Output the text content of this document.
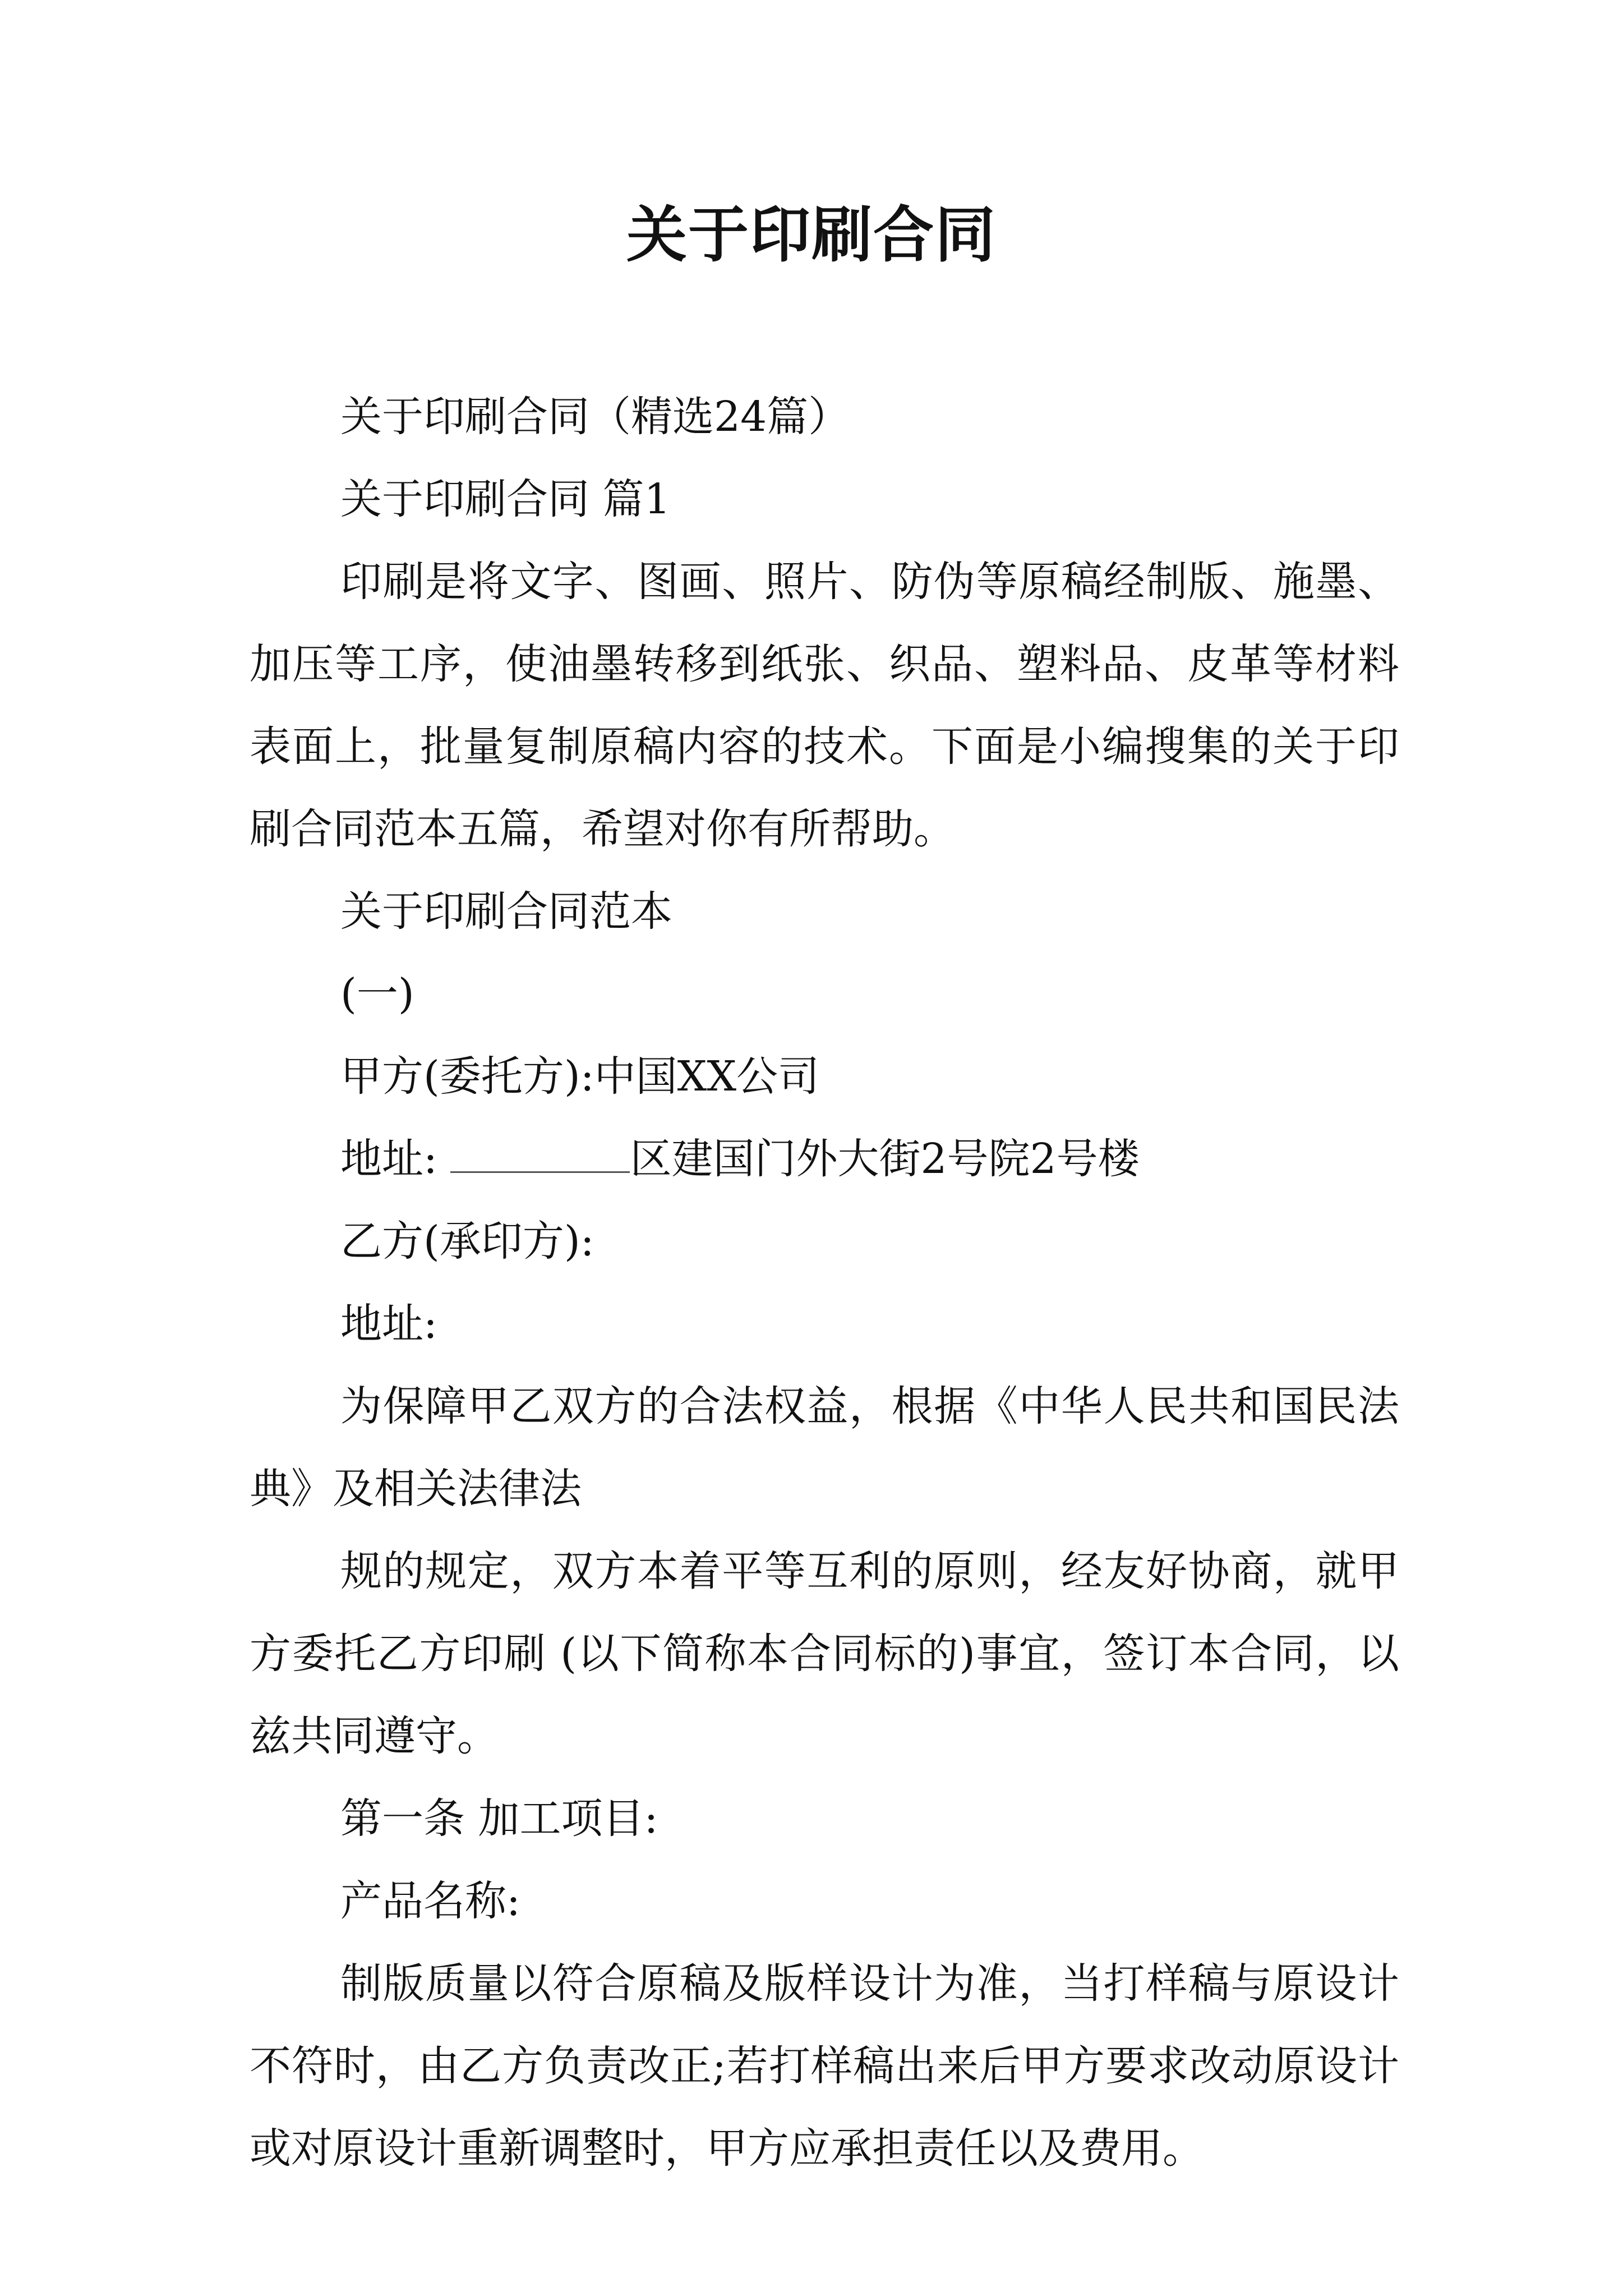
关于印刷合同

关于印刷合同（精选24篇）

关于印刷合同 篇1

印刷是将文字、图画、照片、防伪等原稿经制版、施墨、加压等工序，使油墨转移到纸张、织品、塑料品、皮革等材料表面上，批量复制原稿内容的技术。下面是小编搜集的关于印刷合同范本五篇，希望对你有所帮助。

关于印刷合同范本

(一)

甲方(委托方):中国XX公司

地址:	区建国门外大街2号院2号楼

乙方(承印方):

地址:

为保障甲乙双方的合法权益，根据《中华人民共和国民法典》及相关法律法

规的规定，双方本着平等互利的原则，经友好协商，就甲方委托乙方印刷 (以下简称本合同标的)事宜，签订本合同，以兹共同遵守。

第一条 加工项目:

产品名称:

制版质量以符合原稿及版样设计为准，当打样稿与原设计不符时，由乙方负责改正;若打样稿出来后甲方要求改动原设计或对原设计重新调整时，甲方应承担责任以及费用。
